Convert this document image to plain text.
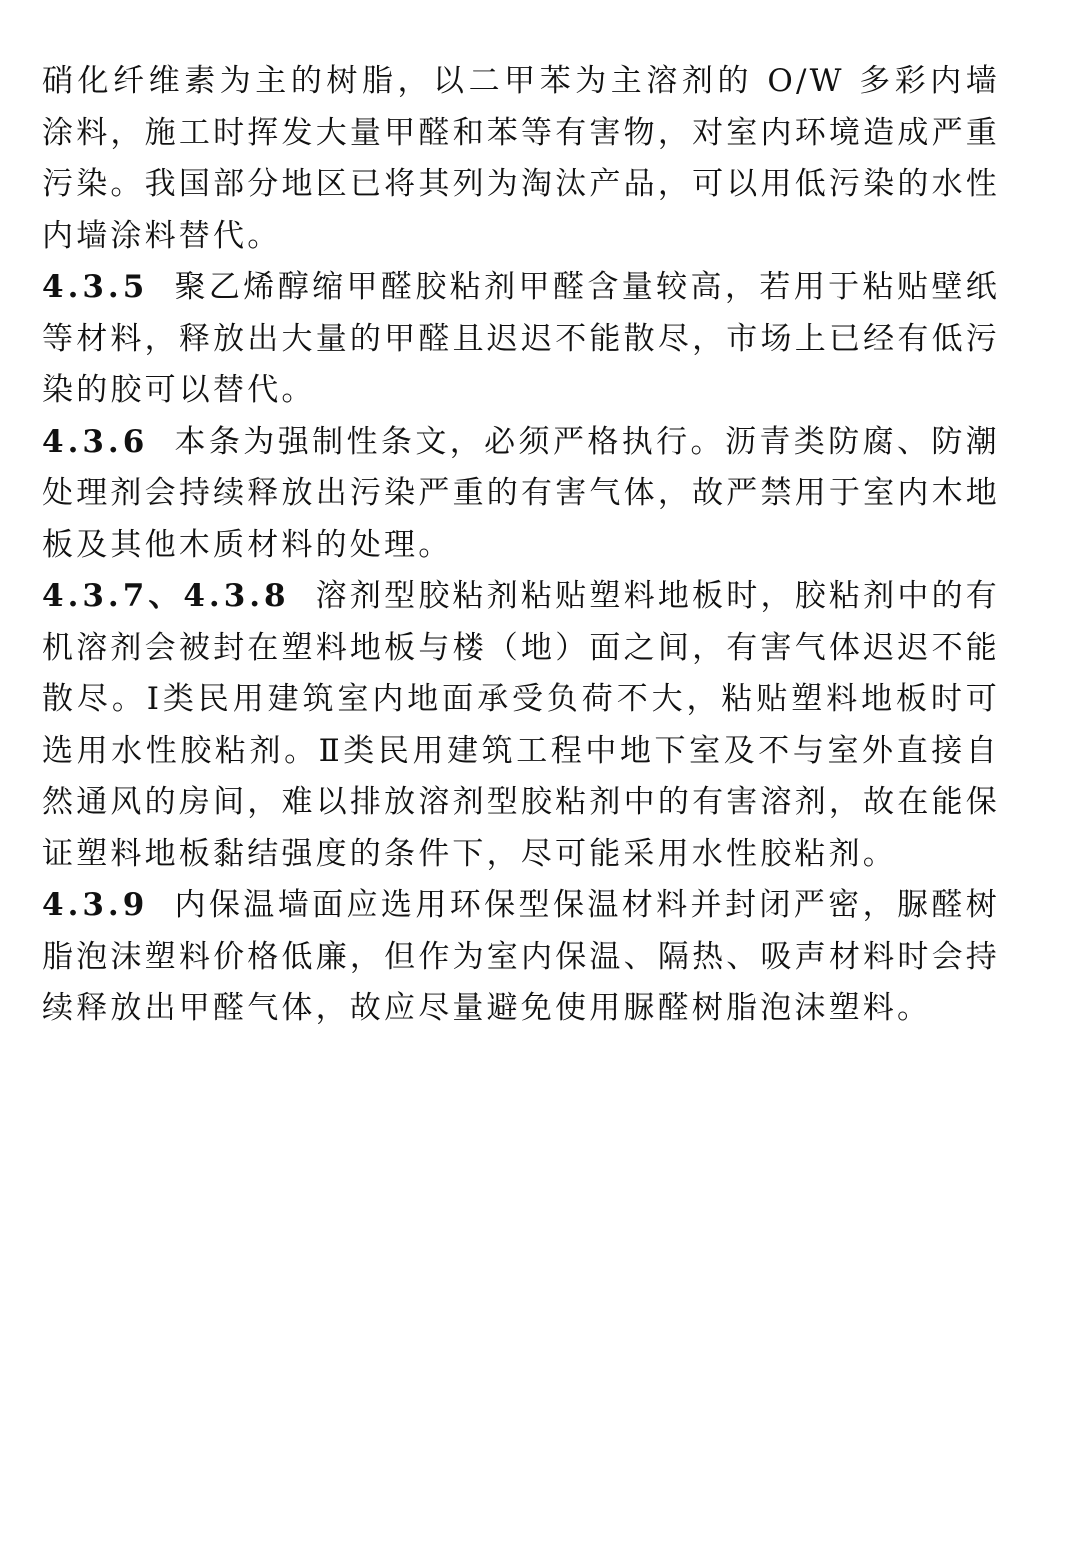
硝化纤维素为主的树脂，以二甲苯为主溶剂的 O/W 多彩内墙涂料，施工时挥发大量甲醛和苯等有害物，对室内环境造成严重污染。我国部分地区已将其列为淘汰产品，可以用低污染的水性内墙涂料替代。

4.3.5 聚乙烯醇缩甲醛胶粘剂甲醛含量较高，若用于粘贴壁纸等材料，释放出大量的甲醛且迟迟不能散尽，市场上已经有低污染的胶可以替代。

4.3.6 本条为强制性条文，必须严格执行。沥青类防腐、防潮处理剂会持续释放出污染严重的有害气体，故严禁用于室内木地板及其他木质材料的处理。

4.3.7、4.3.8 溶剂型胶粘剂粘贴塑料地板时，胶粘剂中的有机溶剂会被封在塑料地板与楼（地）面之间，有害气体迟迟不能散尽。Ⅰ类民用建筑室内地面承受负荷不大，粘贴塑料地板时可选用水性胶粘剂。Ⅱ类民用建筑工程中地下室及不与室外直接自然通风的房间，难以排放溶剂型胶粘剂中的有害溶剂，故在能保证塑料地板黏结强度的条件下，尽可能采用水性胶粘剂。

4.3.9 内保温墙面应选用环保型保温材料并封闭严密，脲醛树脂泡沫塑料价格低廉，但作为室内保温、隔热、吸声材料时会持续释放出甲醛气体，故应尽量避免使用脲醛树脂泡沫塑料。
